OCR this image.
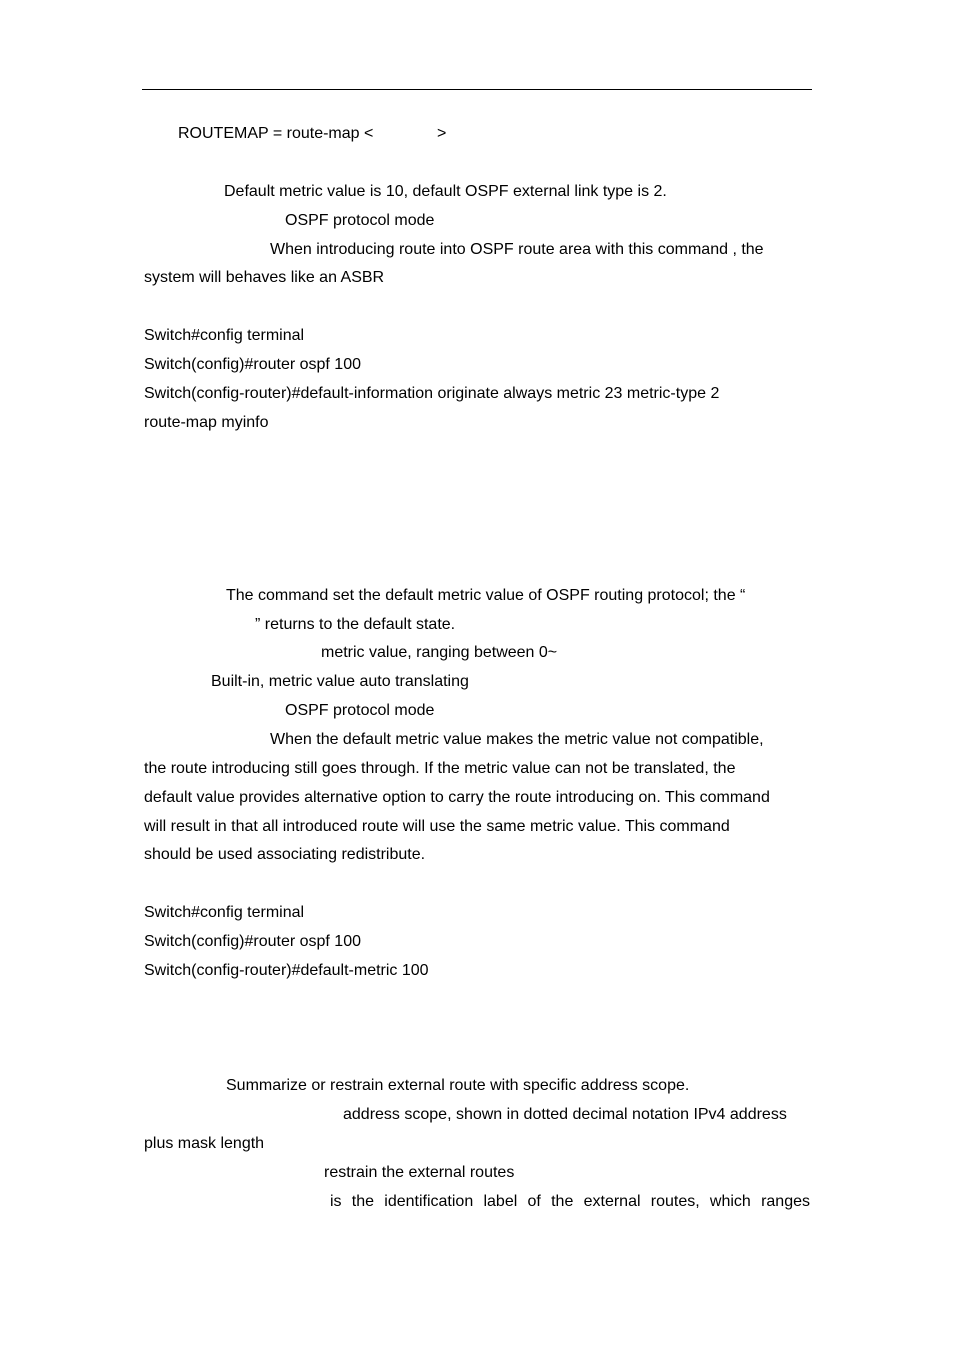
ROUTEMAP = route-map <	>
Default metric value is 10, default OSPF external link type is 2.
OSPF protocol mode
When introducing route into OSPF route area with this command , the
system will behaves like an ASBR
Switch#config terminal
Switch(config)#router ospf 100
Switch(config-router)#default-information originate always metric 23 metric-type 2
route-map myinfo
The command set the default metric value of OSPF routing protocol; the “
” returns to the default state.
metric value, ranging between 0~
Built-in, metric value auto translating
OSPF protocol mode
When the default metric value makes the metric value not compatible,
the route introducing still goes through. If the metric value can not be translated, the
default value provides alternative option to carry the route introducing on. This command
will result in that all introduced route will use the same metric value. This command
should be used associating redistribute.
Switch#config terminal
Switch(config)#router ospf 100
Switch(config-router)#default-metric 100
Summarize or restrain external route with specific address scope.
address scope, shown in dotted decimal notation IPv4 address
plus mask length
restrain the external routes
is the identification label of the external routes, which ranges
